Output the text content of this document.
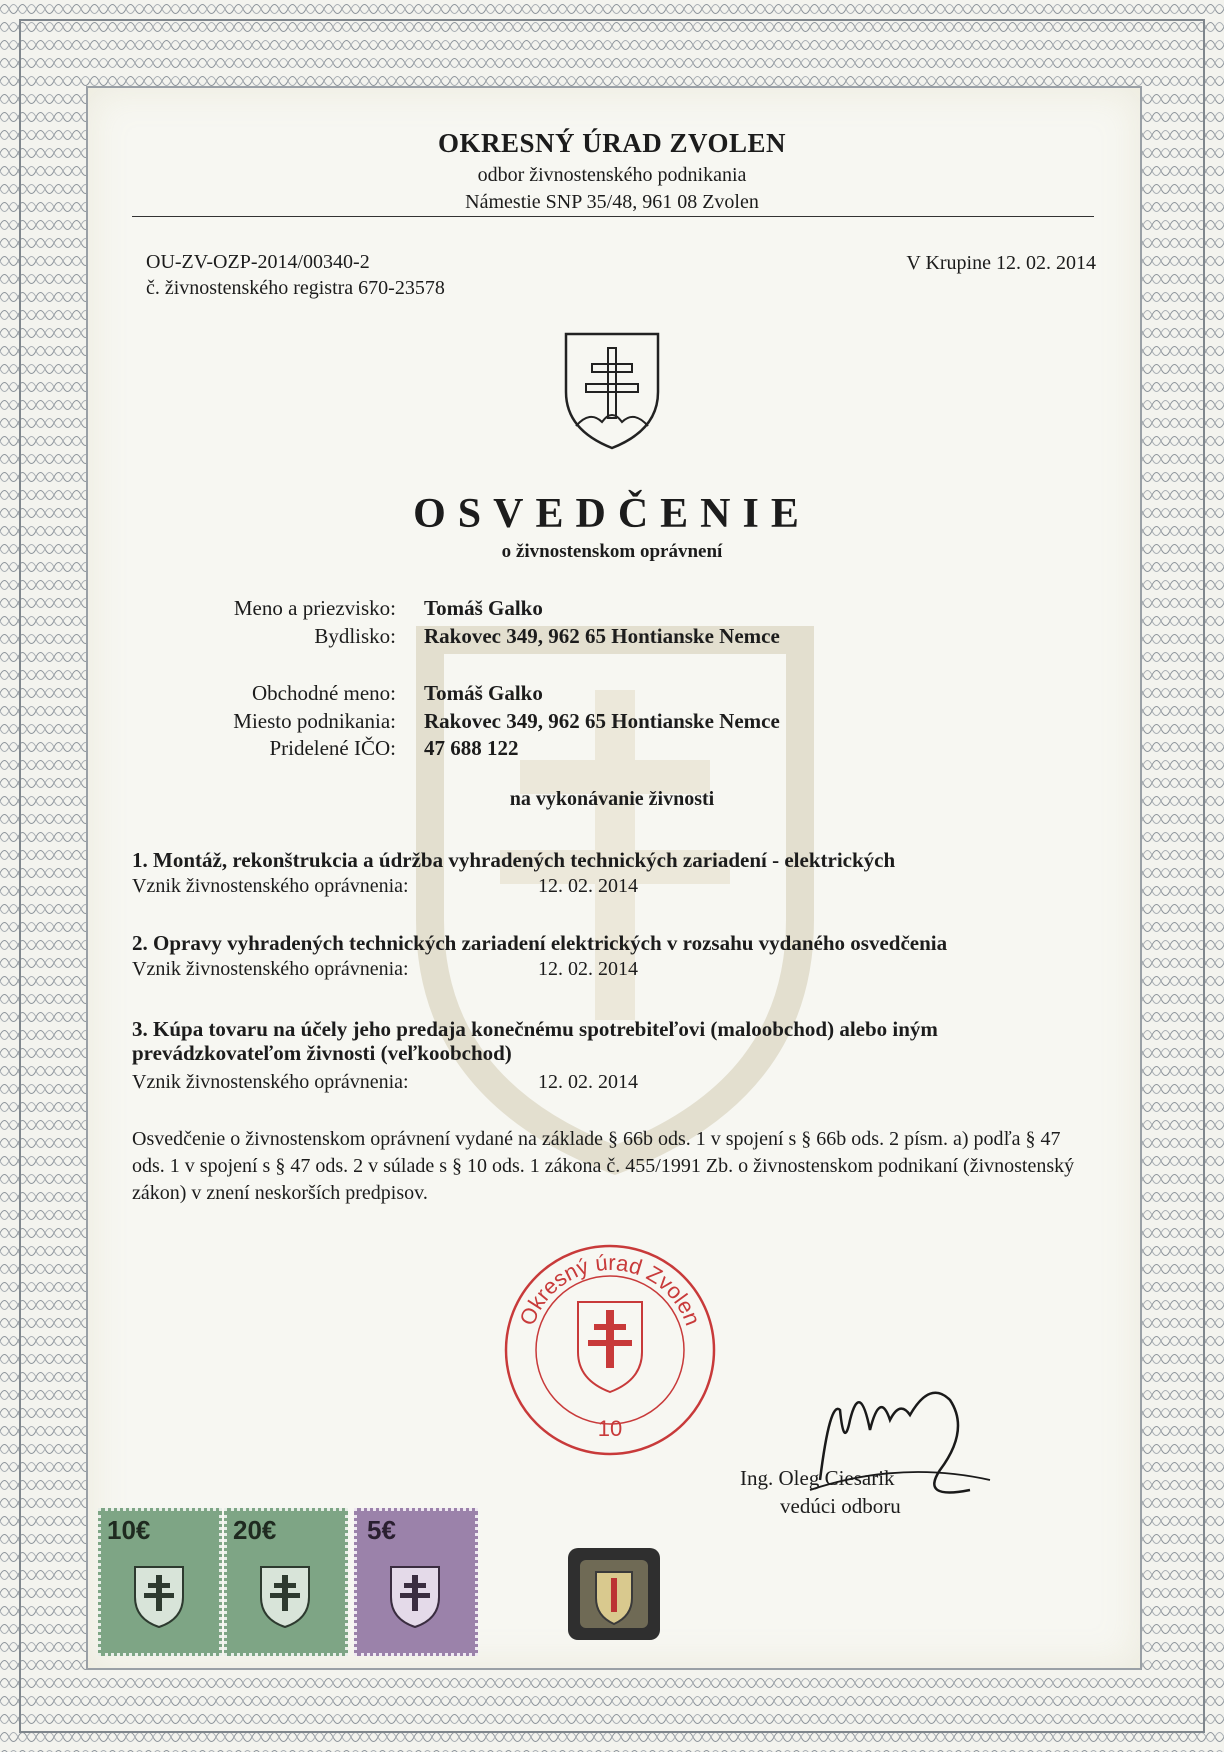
OKRESNÝ ÚRAD ZVOLEN
odbor živnostenského podnikania
Námestie SNP 35/48, 961 08 Zvolen
OU-ZV-OZP-2014/00340-2
č. živnostenského registra 670-23578
V Krupine 12. 02. 2014
OSVEDČENIE
o živnostenskom oprávnení
Meno a priezvisko: Tomáš Galko
Bydlisko: Rakovec 349, 962 65 Hontianske Nemce
Obchodné meno: Tomáš Galko
Miesto podnikania: Rakovec 349, 962 65 Hontianske Nemce
Pridelené IČO: 47 688 122
na vykonávanie živnosti
1. Montáž, rekonštrukcia a údržba vyhradených technických zariadení - elektrických
Vznik živnostenského oprávnenia:	12. 02. 2014
2. Opravy vyhradených technických zariadení elektrických v rozsahu vydaného osvedčenia
Vznik živnostenského oprávnenia:	12. 02. 2014
3. Kúpa tovaru na účely jeho predaja konečnému spotrebiteľovi (maloobchod) alebo iným prevádzkovateľom živnosti (veľkoobchod)
Vznik živnostenského oprávnenia:	12. 02. 2014
Osvedčenie o živnostenskom oprávnení vydané na základe § 66b ods. 1 v spojení s § 66b ods. 2 písm. a) podľa § 47 ods. 1 v spojení s § 47 ods. 2 v súlade s § 10 ods. 1 zákona č. 455/1991 Zb. o živnostenskom podnikaní (živnostenský zákon) v znení neskorších predpisov.
Okresný úrad Zvolen
10
Ing. Oleg Ciesarik
vedúci odboru
10€	20€	5€
